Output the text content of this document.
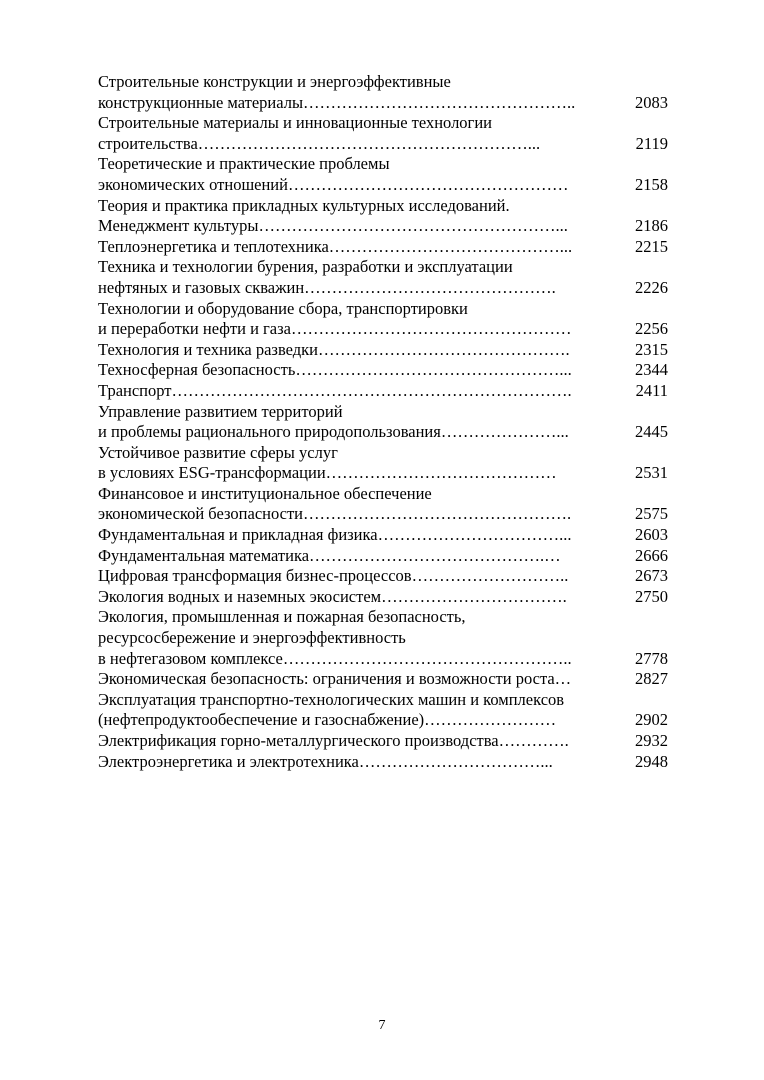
Строительные конструкции и энергоэффективные
конструкционные материалы…………………………………………..	2083
Строительные материалы и инновационные технологии
строительства……………………………………………………...	2119
Теоретические и практические проблемы
экономических отношений……………………………………………	2158
Теория и практика прикладных культурных исследований.
Менеджмент культуры………………………………………………...	2186
Теплоэнергетика и теплотехника……………………………………...	2215
Техника и технологии бурения, разработки и эксплуатации
нефтяных и газовых скважин……………………………………….	2226
Технологии и оборудование сбора, транспортировки
и переработки нефти и газа……………………………………………	2256
Технология и техника разведки……………………………………….	2315
Техносферная безопасность…………………………………………...	2344
Транспорт……………………………………………………………….	2411
Управление развитием территорий
и проблемы рационального природопользования…………………...	2445
Устойчивое развитие сферы услуг
в условиях ESG-трансформации……………………………………	2531
Финансовое и институциональное обеспечение
экономической безопасности………………………………………….	2575
Фундаментальная и прикладная физика……………………………...	2603
Фундаментальная математика…………………………………….…	2666
Цифровая трансформация бизнес-процессов………………………..	2673
Экология водных и наземных экосистем…………………………….	2750
Экология, промышленная и пожарная безопасность,
ресурсосбережение и энергоэффективность
в нефтегазовом комплексе……………………………………………..	2778
Экономическая безопасность: ограничения и возможности роста…	2827
Эксплуатация транспортно-технологических машин и комплексов
(нефтепродуктообеспечение и газоснабжение)……………………	2902
Электрификация горно-металлургического производства………….	2932
Электроэнергетика и электротехника……………………………...	2948
7
